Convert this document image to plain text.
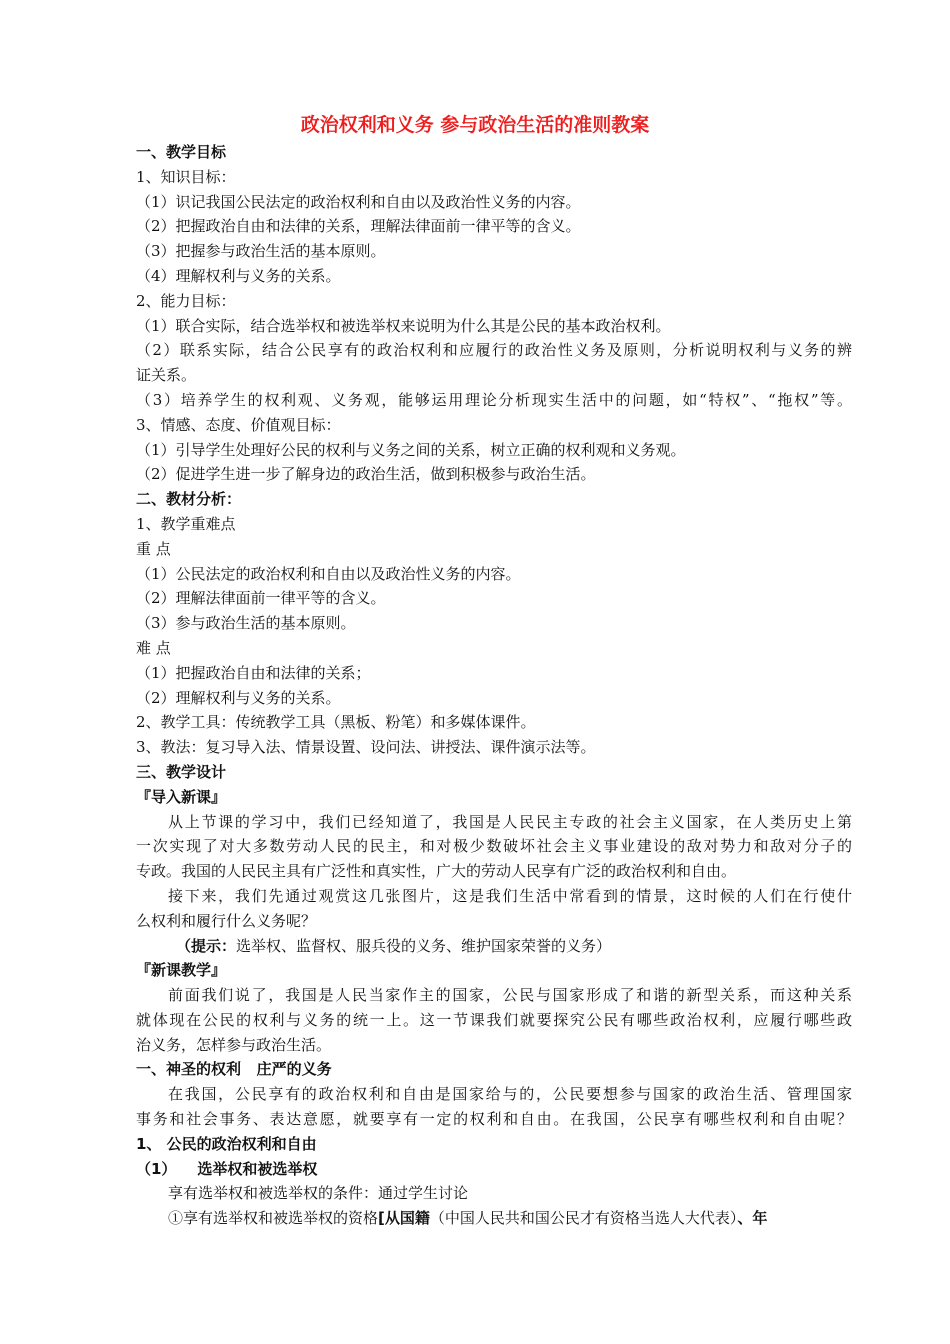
政治权利和义务 参与政治生活的准则教案
一、教学目标
1、知识目标：
（1）识记我国公民法定的政治权利和自由以及政治性义务的内容。
（2）把握政治自由和法律的关系，理解法律面前一律平等的含义。
（3）把握参与政治生活的基本原则。
（4）理解权利与义务的关系。
2、能力目标：
（1）联合实际，结合选举权和被选举权来说明为什么其是公民的基本政治权利。
（2）联系实际，结合公民享有的政治权利和应履行的政治性义务及原则，分析说明权利与义务的辨
证关系。
（3）培养学生的权利观、义务观，能够运用理论分析现实生活中的问题，如“特权”、“拖权”等。
3、情感、态度、价值观目标：
（1）引导学生处理好公民的权利与义务之间的关系，树立正确的权利观和义务观。
（2）促进学生进一步了解身边的政治生活，做到积极参与政治生活。
二、教材分析：
1、教学重难点
重 点
（1）公民法定的政治权利和自由以及政治性义务的内容。
（2）理解法律面前一律平等的含义。
（3）参与政治生活的基本原则。
难 点
（1）把握政治自由和法律的关系；
（2）理解权利与义务的关系。
2、教学工具：传统教学工具（黑板、粉笔）和多媒体课件。
3、教法：复习导入法、情景设置、设问法、讲授法、课件演示法等。
三、教学设计
『导入新课』
从上节课的学习中，我们已经知道了，我国是人民民主专政的社会主义国家，在人类历史上第
一次实现了对大多数劳动人民的民主，和对极少数破坏社会主义事业建设的敌对势力和敌对分子的
专政。我国的人民民主具有广泛性和真实性，广大的劳动人民享有广泛的政治权利和自由。
接下来，我们先通过观赏这几张图片，这是我们生活中常看到的情景，这时候的人们在行使什
么权利和履行什么义务呢？
（提示：选举权、监督权、服兵役的义务、维护国家荣誉的义务）
『新课教学』
前面我们说了，我国是人民当家作主的国家，公民与国家形成了和谐的新型关系，而这种关系
就体现在公民的权利与义务的统一上。这一节课我们就要探究公民有哪些政治权利，应履行哪些政
治义务，怎样参与政治生活。
一、神圣的权利   庄严的义务
在我国，公民享有的政治权利和自由是国家给与的，公民要想参与国家的政治生活、管理国家
事务和社会事务、表达意愿，就要享有一定的权利和自由。在我国，公民享有哪些权利和自由呢？
1、 公民的政治权利和自由
（1）    选举权和被选举权
享有选举权和被选举权的条件：通过学生讨论
①享有选举权和被选举权的资格[从国籍（中国人民共和国公民才有资格当选人大代表）、年
